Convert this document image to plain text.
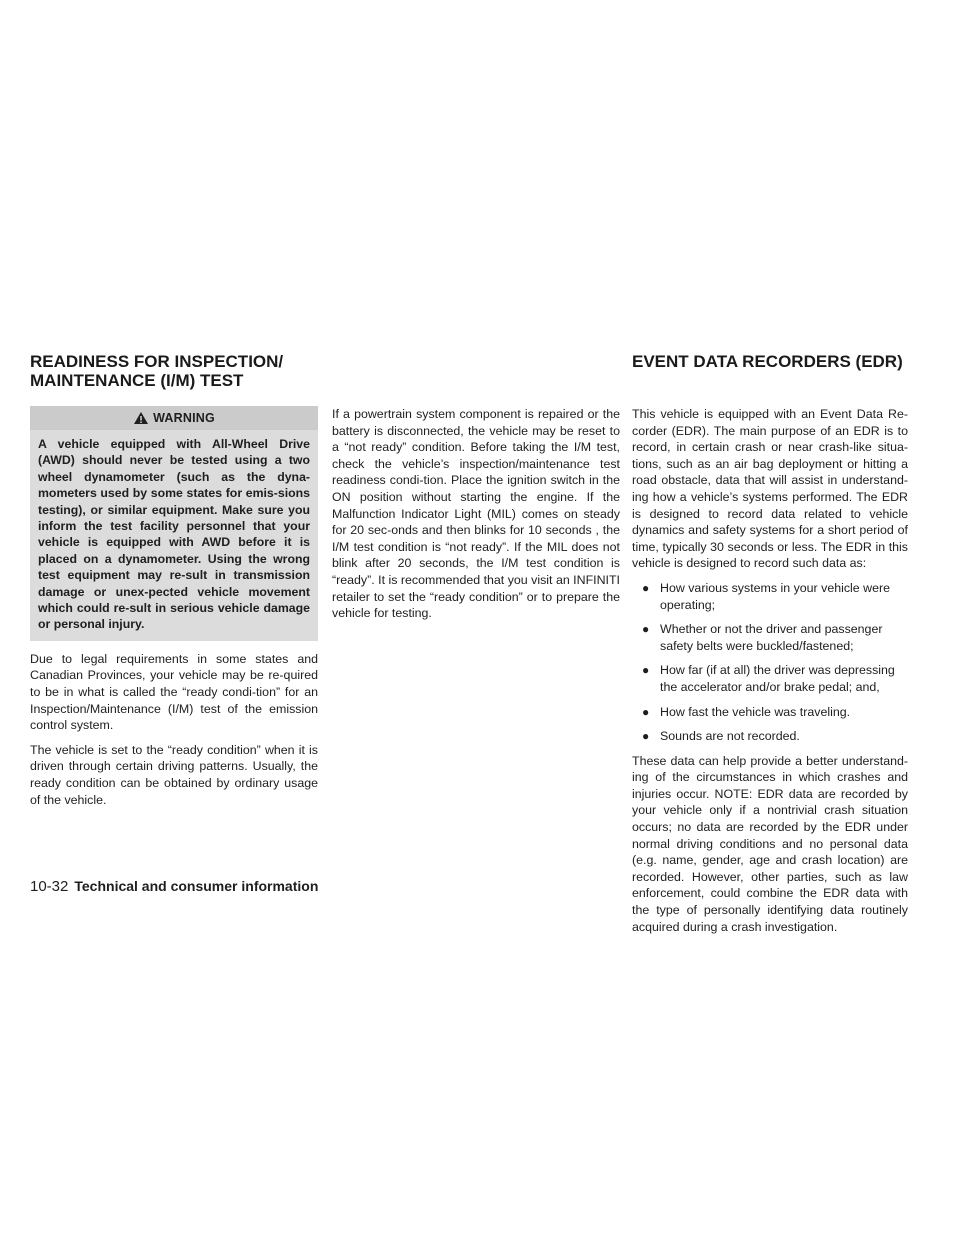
READINESS FOR INSPECTION/ MAINTENANCE (I/M) TEST
EVENT DATA RECORDERS (EDR)
WARNING
A vehicle equipped with All-Wheel Drive (AWD) should never be tested using a two wheel dynamometer (such as the dyna-mometers used by some states for emis-sions testing), or similar equipment. Make sure you inform the test facility personnel that your vehicle is equipped with AWD before it is placed on a dynamometer. Using the wrong test equipment may re-sult in transmission damage or unex-pected vehicle movement which could re-sult in serious vehicle damage or personal injury.

Due to legal requirements in some states and Canadian Provinces, your vehicle may be re-quired to be in what is called the “ready condi-tion” for an Inspection/Maintenance (I/M) test of the emission control system.

The vehicle is set to the “ready condition” when it is driven through certain driving patterns. Usually, the ready condition can be obtained by ordinary usage of the vehicle.

If a powertrain system component is repaired or the battery is disconnected, the vehicle may be reset to a “not ready” condition. Before taking the I/M test, check the vehicle’s inspection/maintenance test readiness condi-tion. Place the ignition switch in the ON position without starting the engine. If the Malfunction Indicator Light (MIL) comes on steady for 20 sec-onds and then blinks for 10 seconds , the I/M test condition is “not ready”. If the MIL does not blink after 20 seconds, the I/M test condition is “ready”. It is recommended that you visit an INFINITI retailer to set the “ready condition” or to prepare the vehicle for testing.

This vehicle is equipped with an Event Data Re-corder (EDR). The main purpose of an EDR is to record, in certain crash or near crash-like situa-tions, such as an air bag deployment or hitting a road obstacle, data that will assist in understand-ing how a vehicle’s systems performed. The EDR is designed to record data related to vehicle dynamics and safety systems for a short period of time, typically 30 seconds or less. The EDR in this vehicle is designed to record such data as:

● How various systems in your vehicle were operating;
● Whether or not the driver and passenger safety belts were buckled/fastened;
● How far (if at all) the driver was depressing the accelerator and/or brake pedal; and,
● How fast the vehicle was traveling.
● Sounds are not recorded.

These data can help provide a better understand-ing of the circumstances in which crashes and injuries occur. NOTE: EDR data are recorded by your vehicle only if a nontrivial crash situation occurs; no data are recorded by the EDR under normal driving conditions and no personal data (e.g. name, gender, age and crash location) are recorded. However, other parties, such as law enforcement, could combine the EDR data with the type of personally identifying data routinely acquired during a crash investigation.

10-32 Technical and consumer information
